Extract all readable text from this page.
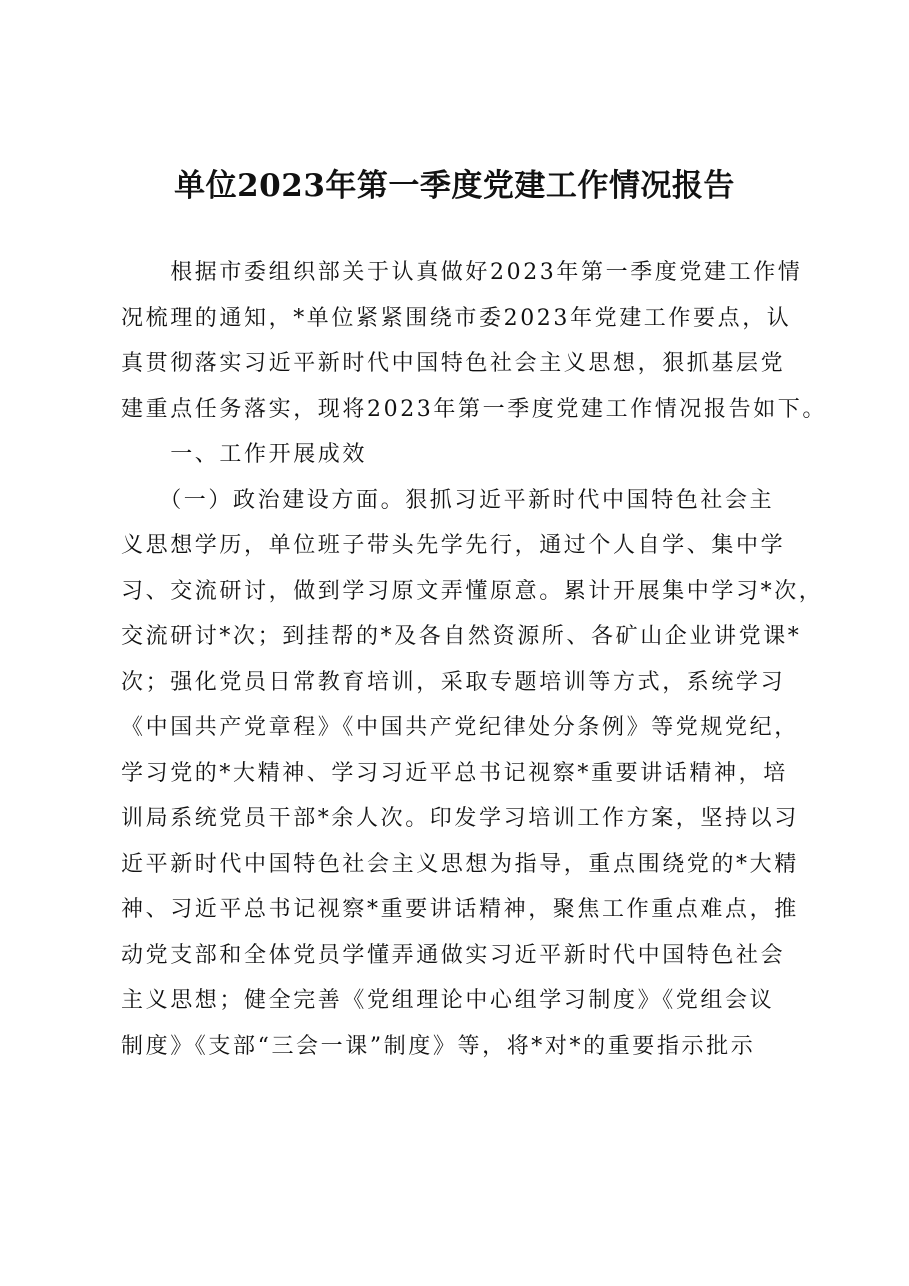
单位2023年第一季度党建工作情况报告
　　根据市委组织部关于认真做好2023年第一季度党建工作情
况梳理的通知，*单位紧紧围绕市委2023年党建工作要点，认
真贯彻落实习近平新时代中国特色社会主义思想，狠抓基层党
建重点任务落实，现将2023年第一季度党建工作情况报告如下。
　　一、工作开展成效
　　（一）政治建设方面。狠抓习近平新时代中国特色社会主
义思想学历，单位班子带头先学先行，通过个人自学、集中学
习、交流研讨，做到学习原文弄懂原意。累计开展集中学习*次，
交流研讨*次；到挂帮的*及各自然资源所、各矿山企业讲党课*
次；强化党员日常教育培训，采取专题培训等方式，系统学习
《中国共产党章程》《中国共产党纪律处分条例》等党规党纪，
学习党的*大精神、学习习近平总书记视察*重要讲话精神，培
训局系统党员干部*余人次。印发学习培训工作方案，坚持以习
近平新时代中国特色社会主义思想为指导，重点围绕党的*大精
神、习近平总书记视察*重要讲话精神，聚焦工作重点难点，推
动党支部和全体党员学懂弄通做实习近平新时代中国特色社会
主义思想；健全完善《党组理论中心组学习制度》《党组会议
制度》《支部“三会一课”制度》等，将*对*的重要指示批示
